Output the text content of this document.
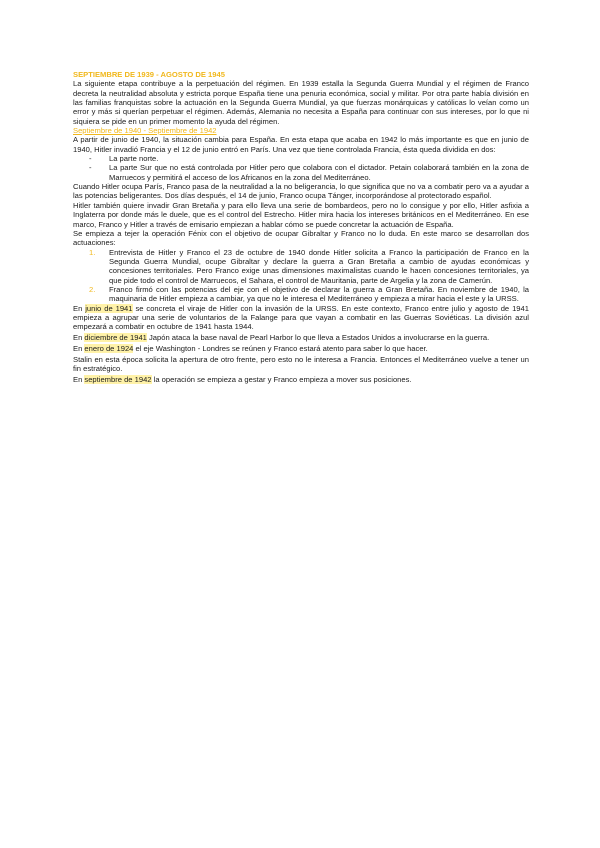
SEPTIEMBRE DE 1939 - AGOSTO DE 1945

La siguiente etapa contribuye a la perpetuación del régimen. En 1939 estalla la Segunda Guerra Mundial y el régimen de Franco decreta la neutralidad absoluta y estricta porque España tiene una penuria económica, social y militar. Por otra parte había división en las familias franquistas sobre la actuación en la Segunda Guerra Mundial, ya que fuerzas monárquicas y católicas lo veían como un error y más si querían perpetuar el régimen. Además, Alemania no necesita a España para continuar con sus intereses, por lo que ni siquiera se pide en un primer momento la ayuda del régimen.

Septiembre de 1940 - Septiembre de 1942

A partir de junio de 1940, la situación cambia para España. En esta etapa que acaba en 1942 lo más importante es que en junio de 1940, Hitler invadió Francia y el 12 de junio entró en París. Una vez que tiene controlada Francia, ésta queda dividida en dos:

- La parte norte.
- La parte Sur que no está controlada por Hitler pero que colabora con el dictador. Petain colaborará también en la zona de Marruecos y permitirá el acceso de los Africanos en la zona del Mediterráneo.

Cuando Hitler ocupa París, Franco pasa de la neutralidad a la no beligerancia, lo que significa que no va a combatir pero va a ayudar a las potencias beligerantes. Dos días después, el 14 de junio, Franco ocupa Tánger, incorporándose al protectorado español.

Hitler también quiere invadir Gran Bretaña y para ello lleva una serie de bombardeos, pero no lo consigue y por ello, Hitler asfixia a Inglaterra por donde más le duele, que es el control del Estrecho. Hitler mira hacia los intereses británicos en el Mediterráneo. En ese marco, Franco y Hitler a través de emisario empiezan a hablar cómo se puede concretar la actuación de España.

Se empieza a tejer la operación Fénix con el objetivo de ocupar Gibraltar y Franco no lo duda. En este marco se desarrollan dos actuaciones:

1. Entrevista de Hitler y Franco el 23 de octubre de 1940 donde Hitler solicita a Franco la participación de Franco en la Segunda Guerra Mundial, ocupe Gibraltar y declare la guerra a Gran Bretaña a cambio de ayudas económicas y concesiones territoriales. Pero Franco exige unas dimensiones maximalistas cuando le hacen concesiones territoriales, ya que pide todo el control de Marruecos, el Sahara, el control de Mauritania, parte de Argelia y la zona de Camerún.
2. Franco firmó con las potencias del eje con el objetivo de declarar la guerra a Gran Bretaña. En noviembre de 1940, la maquinaria de Hitler empieza a cambiar, ya que no le interesa el Mediterráneo y empieza a mirar hacia el este y la URSS.

En junio de 1941 se concreta el viraje de Hitler con la invasión de la URSS. En este contexto, Franco entre julio y agosto de 1941 empieza a agrupar una serie de voluntarios de la Falange para que vayan a combatir en las Guerras Soviéticas. La división azul empezará a combatir en octubre de 1941 hasta 1944.

En diciembre de 1941 Japón ataca la base naval de Pearl Harbor lo que lleva a Estados Unidos a involucrarse en la guerra.

En enero de 1924 el eje Washington - Londres se reúnen y Franco estará atento para saber lo que hacer.

Stalin en esta época solicita la apertura de otro frente, pero esto no le interesa a Francia. Entonces el Mediterráneo vuelve a tener un fin estratégico.

En septiembre de 1942 la operación se empieza a gestar y Franco empieza a mover sus posiciones.
